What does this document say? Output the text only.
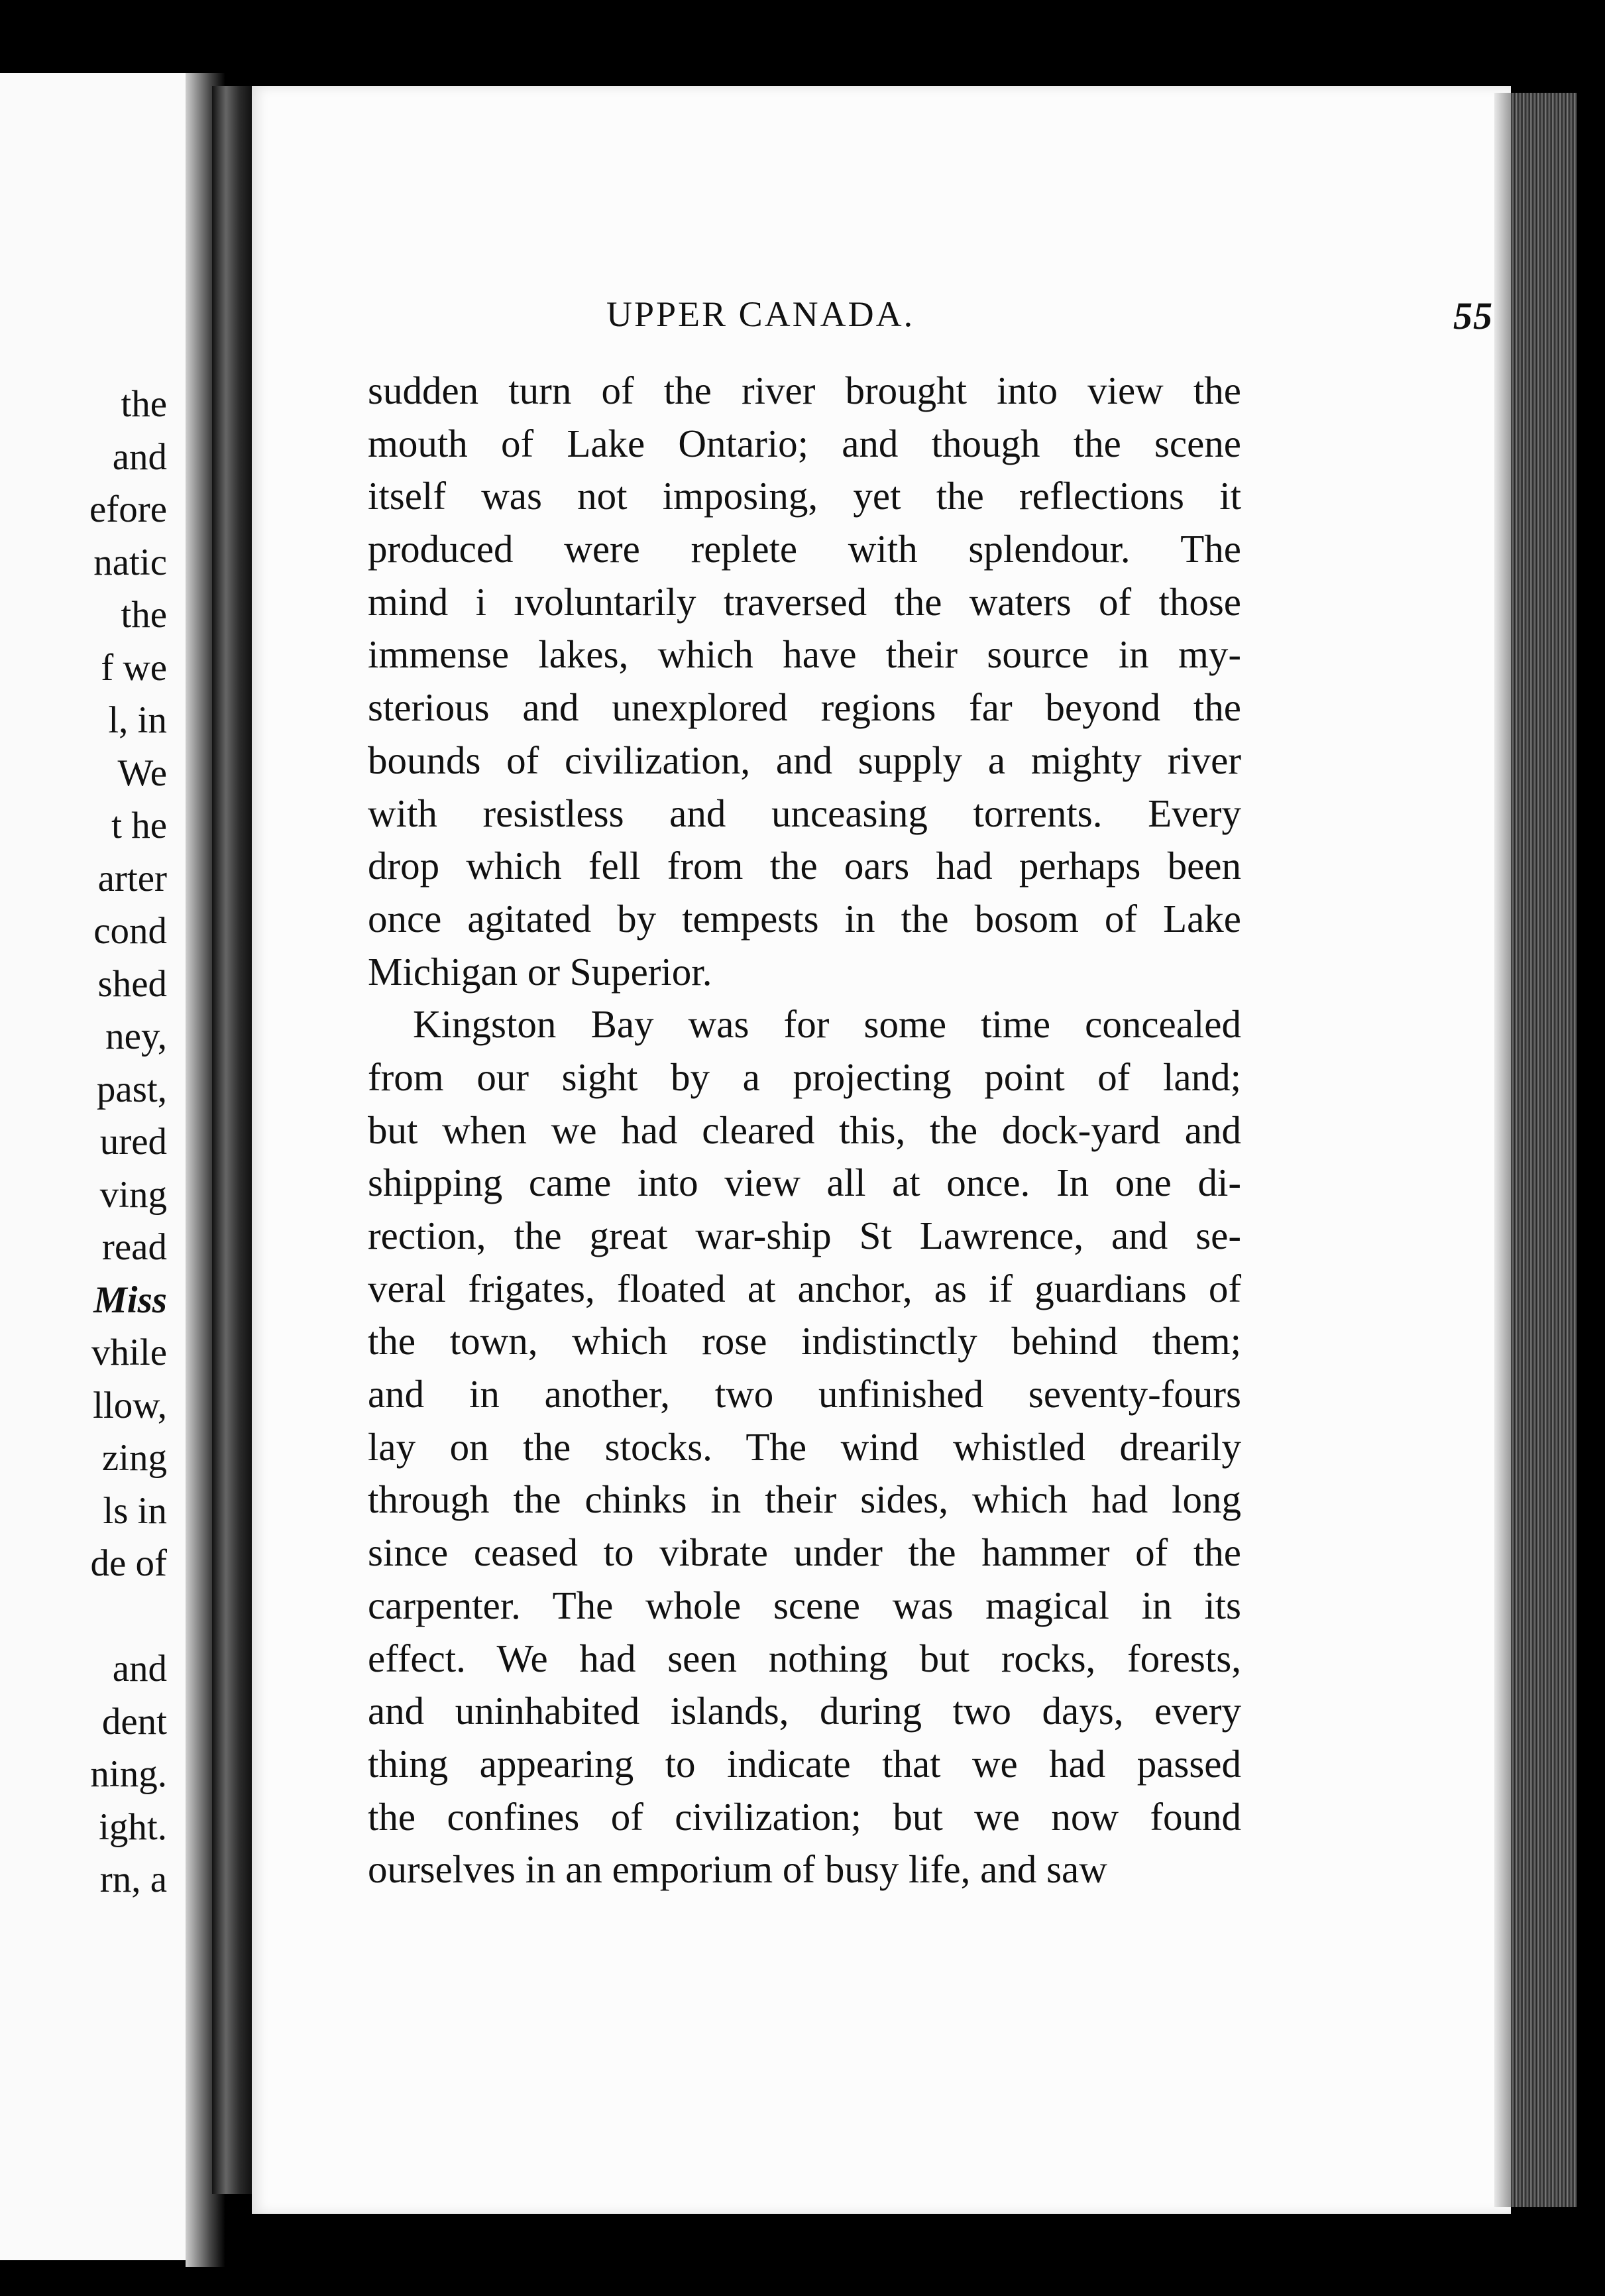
the
and
efore
natic
the
f we
l, in
We
t he
arter
cond
shed
ney,
past,
ured
ving
read
Miss
vhile
llow,
zing
ls in
de of
and
dent
ning.
ight.
rn, a
UPPER CANADA.	55
sudden turn of the river brought into view the
mouth of Lake Ontario; and though the scene
itself was not imposing, yet the reflections it
produced were replete with splendour. The
mind i ıvoluntarily traversed the waters of those
immense lakes, which have their source in my-
sterious and unexplored regions far beyond the
bounds of civilization, and supply a mighty river
with resistless and unceasing torrents. Every
drop which fell from the oars had perhaps been
once agitated by tempests in the bosom of Lake
Michigan or Superior.
Kingston Bay was for some time concealed
from our sight by a projecting point of land;
but when we had cleared this, the dock-yard and
shipping came into view all at once. In one di-
rection, the great war-ship St Lawrence, and se-
veral frigates, floated at anchor, as if guardians of
the town, which rose indistinctly behind them;
and in another, two unfinished seventy-fours
lay on the stocks. The wind whistled drearily
through the chinks in their sides, which had long
since ceased to vibrate under the hammer of the
carpenter. The whole scene was magical in its
effect. We had seen nothing but rocks, forests,
and uninhabited islands, during two days, every
thing appearing to indicate that we had passed
the confines of civilization; but we now found
ourselves in an emporium of busy life, and saw
